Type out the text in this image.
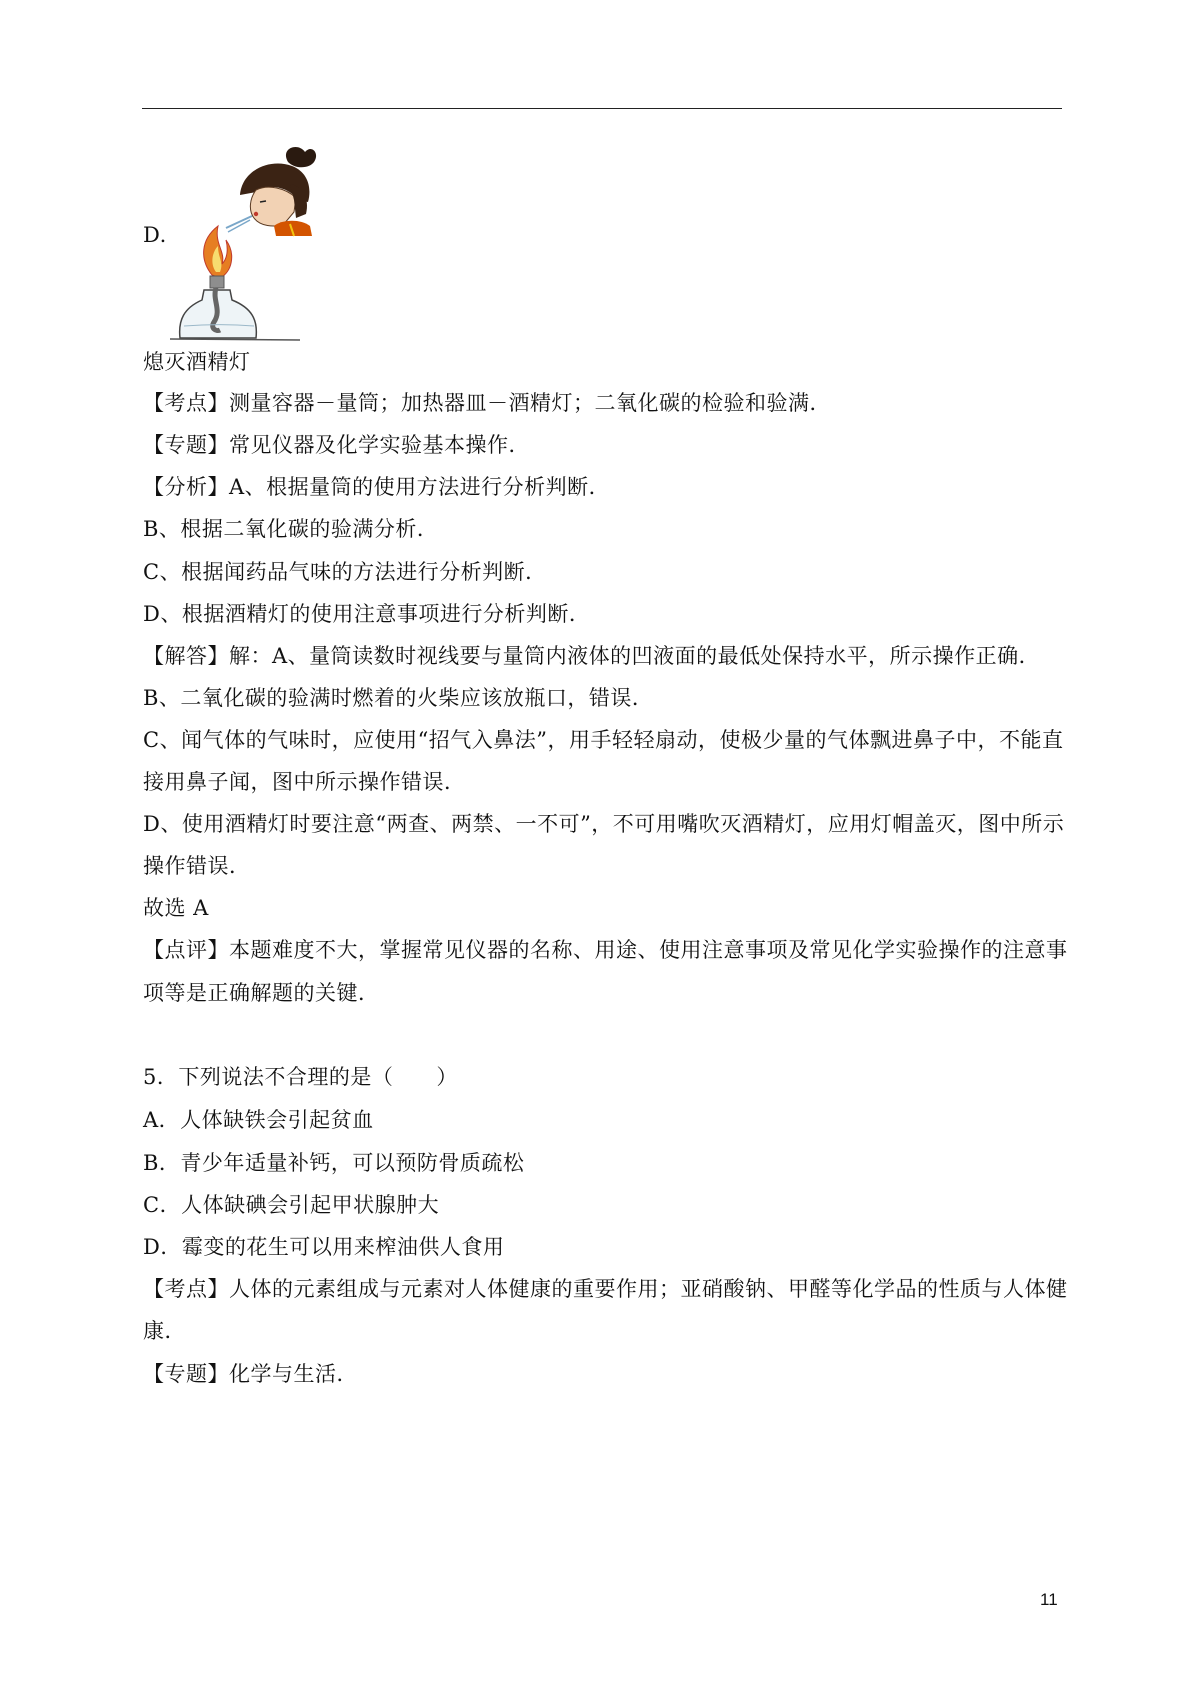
D.
熄灭酒精灯
【考点】测量容器－量筒；加热器皿－酒精灯；二氧化碳的检验和验满．
【专题】常见仪器及化学实验基本操作．
【分析】A、根据量筒的使用方法进行分析判断．
B、根据二氧化碳的验满分析．
C、根据闻药品气味的方法进行分析判断．
D、根据酒精灯的使用注意事项进行分析判断．
【解答】解：A、量筒读数时视线要与量筒内液体的凹液面的最低处保持水平，所示操作正确．
B、二氧化碳的验满时燃着的火柴应该放瓶口，错误．
C、闻气体的气味时，应使用“招气入鼻法”，用手轻轻扇动，使极少量的气体飘进鼻子中，不能直
接用鼻子闻，图中所示操作错误．
D、使用酒精灯时要注意“两查、两禁、一不可”，不可用嘴吹灭酒精灯，应用灯帽盖灭，图中所示
操作错误．
故选 A
【点评】本题难度不大，掌握常见仪器的名称、用途、使用注意事项及常见化学实验操作的注意事
项等是正确解题的关键．
5．下列说法不合理的是（　　）
A．人体缺铁会引起贫血
B．青少年适量补钙，可以预防骨质疏松
C．人体缺碘会引起甲状腺肿大
D．霉变的花生可以用来榨油供人食用
【考点】人体的元素组成与元素对人体健康的重要作用；亚硝酸钠、甲醛等化学品的性质与人体健
康．
【专题】化学与生活．
11
